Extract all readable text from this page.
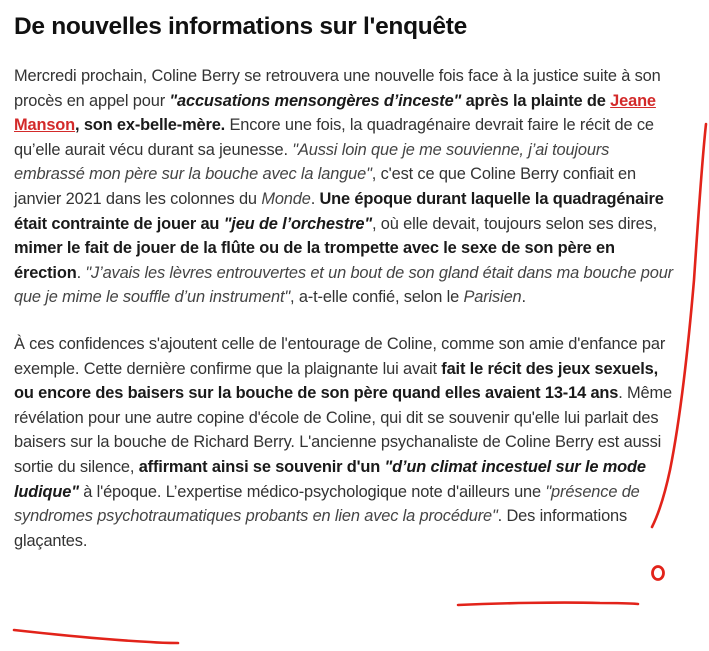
De nouvelles informations sur l'enquête

Mercredi prochain, Coline Berry se retrouvera une nouvelle fois face à la justice suite à son procès en appel pour "accusations mensongères d’inceste" après la plainte de Jeane Manson, son ex-belle-mère. Encore une fois, la quadragénaire devrait faire le récit de ce qu’elle aurait vécu durant sa jeunesse. "Aussi loin que je me souvienne, j’ai toujours embrassé mon père sur la bouche avec la langue", c'est ce que Coline Berry confiait en janvier 2021 dans les colonnes du Monde. Une époque durant laquelle la quadragénaire était contrainte de jouer au "jeu de l’orchestre", où elle devait, toujours selon ses dires, mimer le fait de jouer de la flûte ou de la trompette avec le sexe de son père en érection. "J’avais les lèvres entrouvertes et un bout de son gland était dans ma bouche pour que je mime le souffle d’un instrument", a-t-elle confié, selon le Parisien.

À ces confidences s'ajoutent celle de l'entourage de Coline, comme son amie d'enfance par exemple. Cette dernière confirme que la plaignante lui avait fait le récit des jeux sexuels, ou encore des baisers sur la bouche de son père quand elles avaient 13-14 ans. Même révélation pour une autre copine d'école de Coline, qui dit se souvenir qu'elle lui parlait des baisers sur la bouche de Richard Berry. L'ancienne psychanaliste de Coline Berry est aussi sortie du silence, affirmant ainsi se souvenir d'un "d’un climat incestuel sur le mode ludique" à l'époque. L’expertise médico-psychologique note d'ailleurs une "présence de syndromes psychotraumatiques probants en lien avec la procédure". Des informations glaçantes.
